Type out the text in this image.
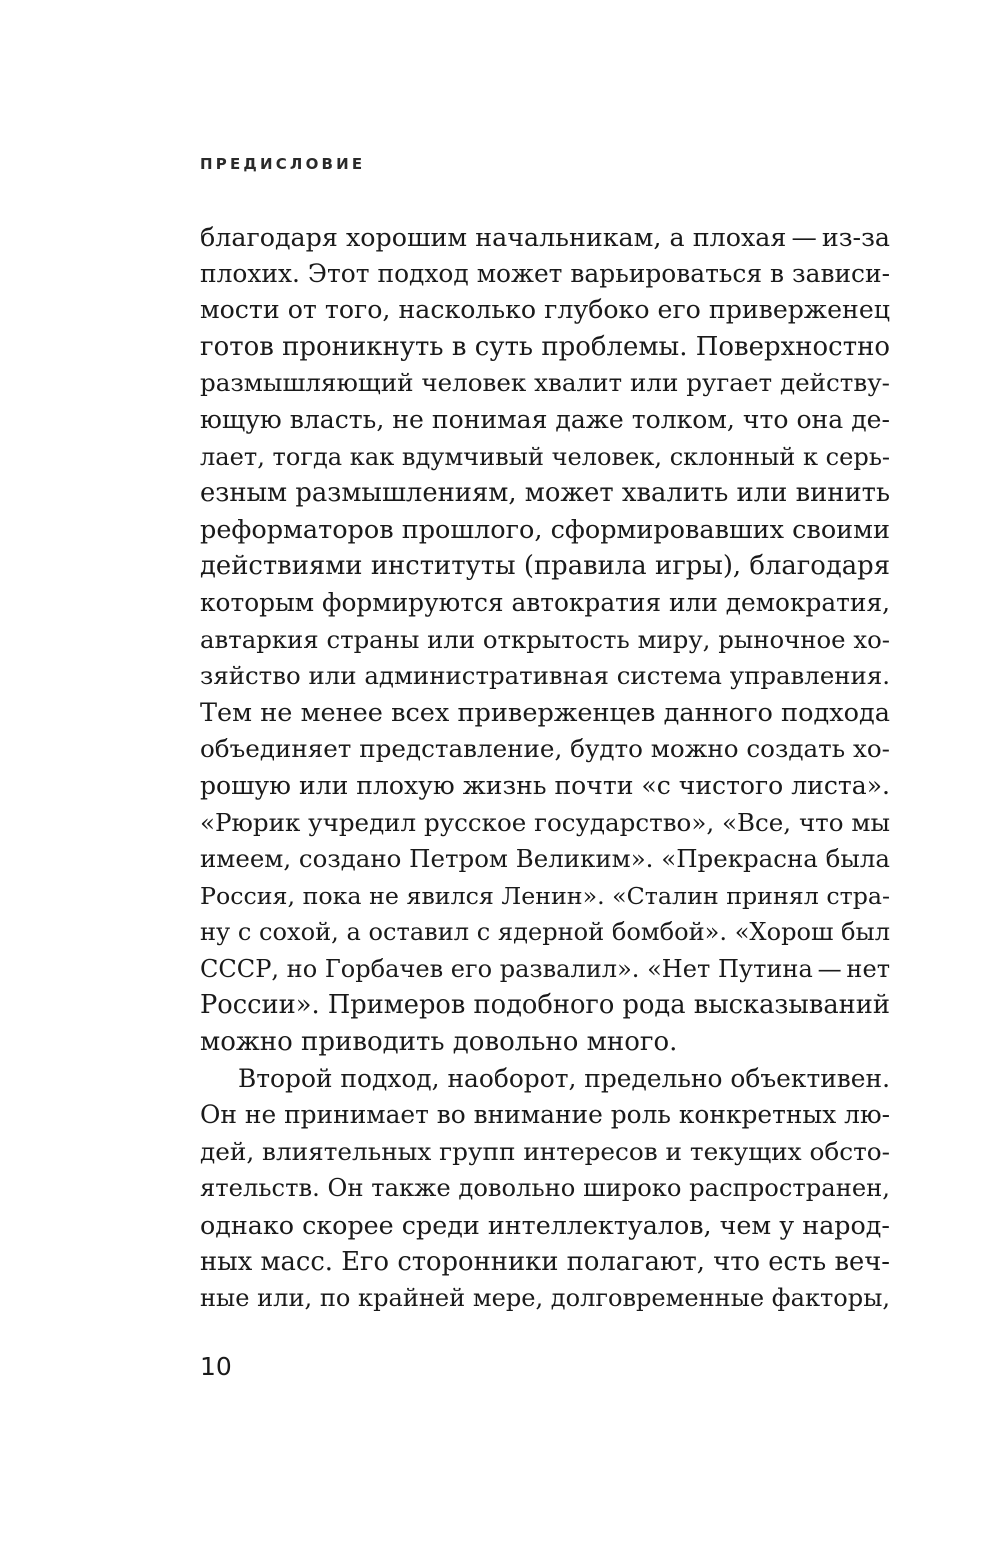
ПРЕДИСЛОВИЕ
благодаря хорошим начальникам, а плохая — из-за
плохих. Этот подход может варьироваться в зависи-
мости от того, насколько глубоко его приверженец
готов проникнуть в суть проблемы. Поверхностно
размышляющий человек хвалит или ругает действу-
ющую власть, не понимая даже толком, что она де-
лает, тогда как вдумчивый человек, склонный к серь-
езным размышлениям, может хвалить или винить
реформаторов прошлого, сформировавших своими
действиями институты (правила игры), благодаря
которым формируются автократия или демократия,
автаркия страны или открытость миру, рыночное хо-
зяйство или административная система управления.
Тем не менее всех приверженцев данного подхода
объединяет представление, будто можно создать хо-
рошую или плохую жизнь почти «с чистого листа».
«Рюрик учредил русское государство», «Все, что мы
имеем, создано Петром Великим». «Прекрасна была
Россия, пока не явился Ленин». «Сталин принял стра-
ну с сохой, а оставил с ядерной бомбой». «Хорош был
СССР, но Горбачев его развалил». «Нет Путина — нет
России». Примеров подобного рода высказываний
можно приводить довольно много.
Второй подход, наоборот, предельно объективен.
Он не принимает во внимание роль конкретных лю-
дей, влиятельных групп интересов и текущих обсто-
ятельств. Он также довольно широко распространен,
однако скорее среди интеллектуалов, чем у народ-
ных масс. Его сторонники полагают, что есть веч-
ные или, по крайней мере, долговременные факторы,

10
